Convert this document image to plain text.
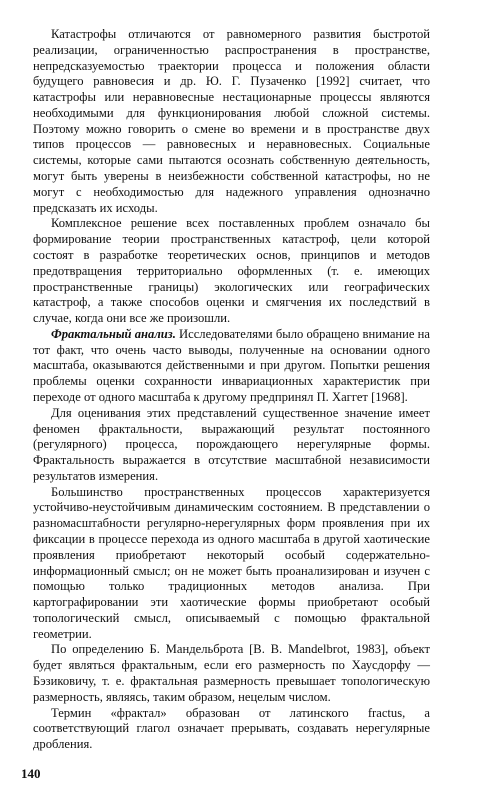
Катастрофы отличаются от равномерного развития быстротой реализации, ограниченностью распространения в пространстве, непредсказуемостью траектории процесса и положения области будущего равновесия и др. Ю. Г. Пузаченко [1992] считает, что катастрофы или неравновесные нестационарные процессы являются необходимыми для функционирования любой сложной системы. Поэтому можно говорить о смене во времени и в пространстве двух типов процессов — равновесных и неравновесных. Социальные системы, которые сами пытаются осознать собственную деятельность, могут быть уверены в неизбежности собственной катастрофы, но не могут с необходимостью для надежного управления однозначно предсказать их исходы.

Комплексное решение всех поставленных проблем означало бы формирование теории пространственных катастроф, цели которой состоят в разработке теоретических основ, принципов и методов предотвращения территориально оформленных (т. е. имеющих пространственные границы) экологических или географических катастроф, а также способов оценки и смягчения их последствий в случае, когда они все же произошли.

Фрактальный анализ. Исследователями было обращено внимание на тот факт, что очень часто выводы, полученные на основании одного масштаба, оказываются действенными и при другом. Попытки решения проблемы оценки сохранности инвариационных характеристик при переходе от одного масштаба к другому предпринял П. Хаггет [1968].

Для оценивания этих представлений существенное значение имеет феномен фрактальности, выражающий результат постоянного (регулярного) процесса, порождающего нерегулярные формы. Фрактальность выражается в отсутствие масштабной независимости результатов измерения.

Большинство пространственных процессов характеризуется устойчиво-неустойчивым динамическим состоянием. В представлении о разномасштабности регулярно-нерегулярных форм проявления при их фиксации в процессе перехода из одного масштаба в другой хаотические проявления приобретают некоторый особый содержательно-информационный смысл; он не может быть проанализирован и изучен с помощью только традиционных методов анализа. При картографировании эти хаотические формы приобретают особый топологический смысл, описываемый с помощью фрактальной геометрии.

По определению Б. Мандельброта [B. B. Mandelbrot, 1983], объект будет являться фрактальным, если его размерность по Хаусдорфу — Бэзиковичу, т. е. фрактальная размерность превышает топологическую размерность, являясь, таким образом, нецелым числом.

Термин «фрактал» образован от латинского fractus, а соответствующий глагол означает прерывать, создавать нерегулярные дробления.

140
